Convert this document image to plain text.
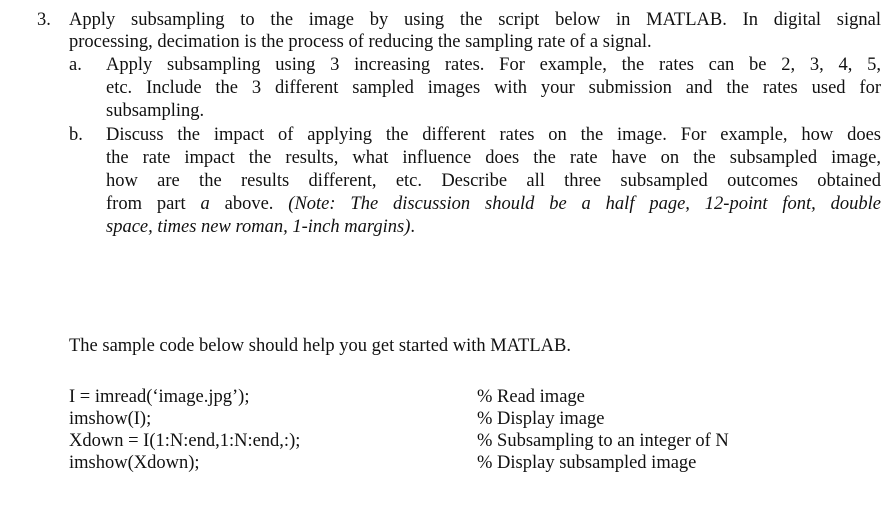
3. Apply subsampling to the image by using the script below in MATLAB. In digital signal
processing, decimation is the process of reducing the sampling rate of a signal.
a. Apply subsampling using 3 increasing rates. For example, the rates can be 2, 3, 4, 5,
etc. Include the 3 different sampled images with your submission and the rates used for
subsampling.
b. Discuss the impact of applying the different rates on the image. For example, how does
the rate impact the results, what influence does the rate have on the subsampled image,
how are the results different, etc. Describe all three subsampled outcomes obtained
from part a above. (Note: The discussion should be a half page, 12-point font, double
space, times new roman, 1-inch margins).
The sample code below should help you get started with MATLAB.
I = imread(‘image.jpg’);	% Read image
imshow(I);	% Display image
Xdown = I(1:N:end,1:N:end,:);	% Subsampling to an integer of N
imshow(Xdown);	% Display subsampled image
